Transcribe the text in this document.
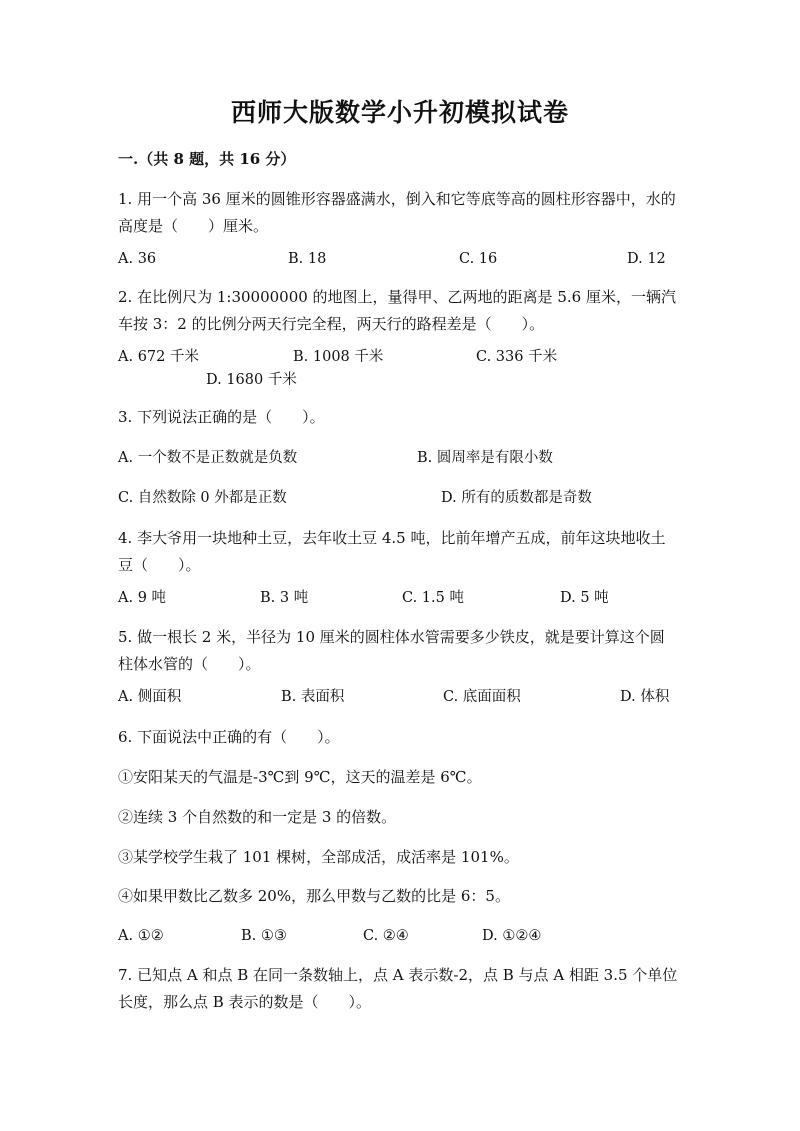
西师大版数学小升初模拟试卷
一.（共 8 题，共 16 分）
1. 用一个高 36 厘米的圆锥形容器盛满水，倒入和它等底等高的圆柱形容器中，水的高度是（　　）厘米。
A. 36	B. 18	C. 16	D. 12
2. 在比例尺为 1:30000000 的地图上，量得甲、乙两地的距离是 5.6 厘米，一辆汽车按 3：2 的比例分两天行完全程，两天行的路程差是（　　）。
A. 672 千米	B. 1008 千米	C. 336 千米
D. 1680 千米
3. 下列说法正确的是（　　）。
A. 一个数不是正数就是负数	B. 圆周率是有限小数
C. 自然数除 0 外都是正数	D. 所有的质数都是奇数
4. 李大爷用一块地种土豆，去年收土豆 4.5 吨，比前年增产五成，前年这块地收土豆（　　）。
A. 9 吨	B. 3 吨	C. 1.5 吨	D. 5 吨
5. 做一根长 2 米，半径为 10 厘米的圆柱体水管需要多少铁皮，就是要计算这个圆柱体水管的（　　）。
A. 侧面积	B. 表面积	C. 底面面积	D. 体积
6. 下面说法中正确的有（　　）。
①安阳某天的气温是-3℃到 9℃，这天的温差是 6℃。
②连续 3 个自然数的和一定是 3 的倍数。
③某学校学生栽了 101 棵树，全部成活，成活率是 101%。
④如果甲数比乙数多 20%，那么甲数与乙数的比是 6：5。
A. ①②	B. ①③	C. ②④	D. ①②④
7. 已知点 A 和点 B 在同一条数轴上，点 A 表示数-2，点 B 与点 A 相距 3.5 个单位长度，那么点 B 表示的数是（　　）。
